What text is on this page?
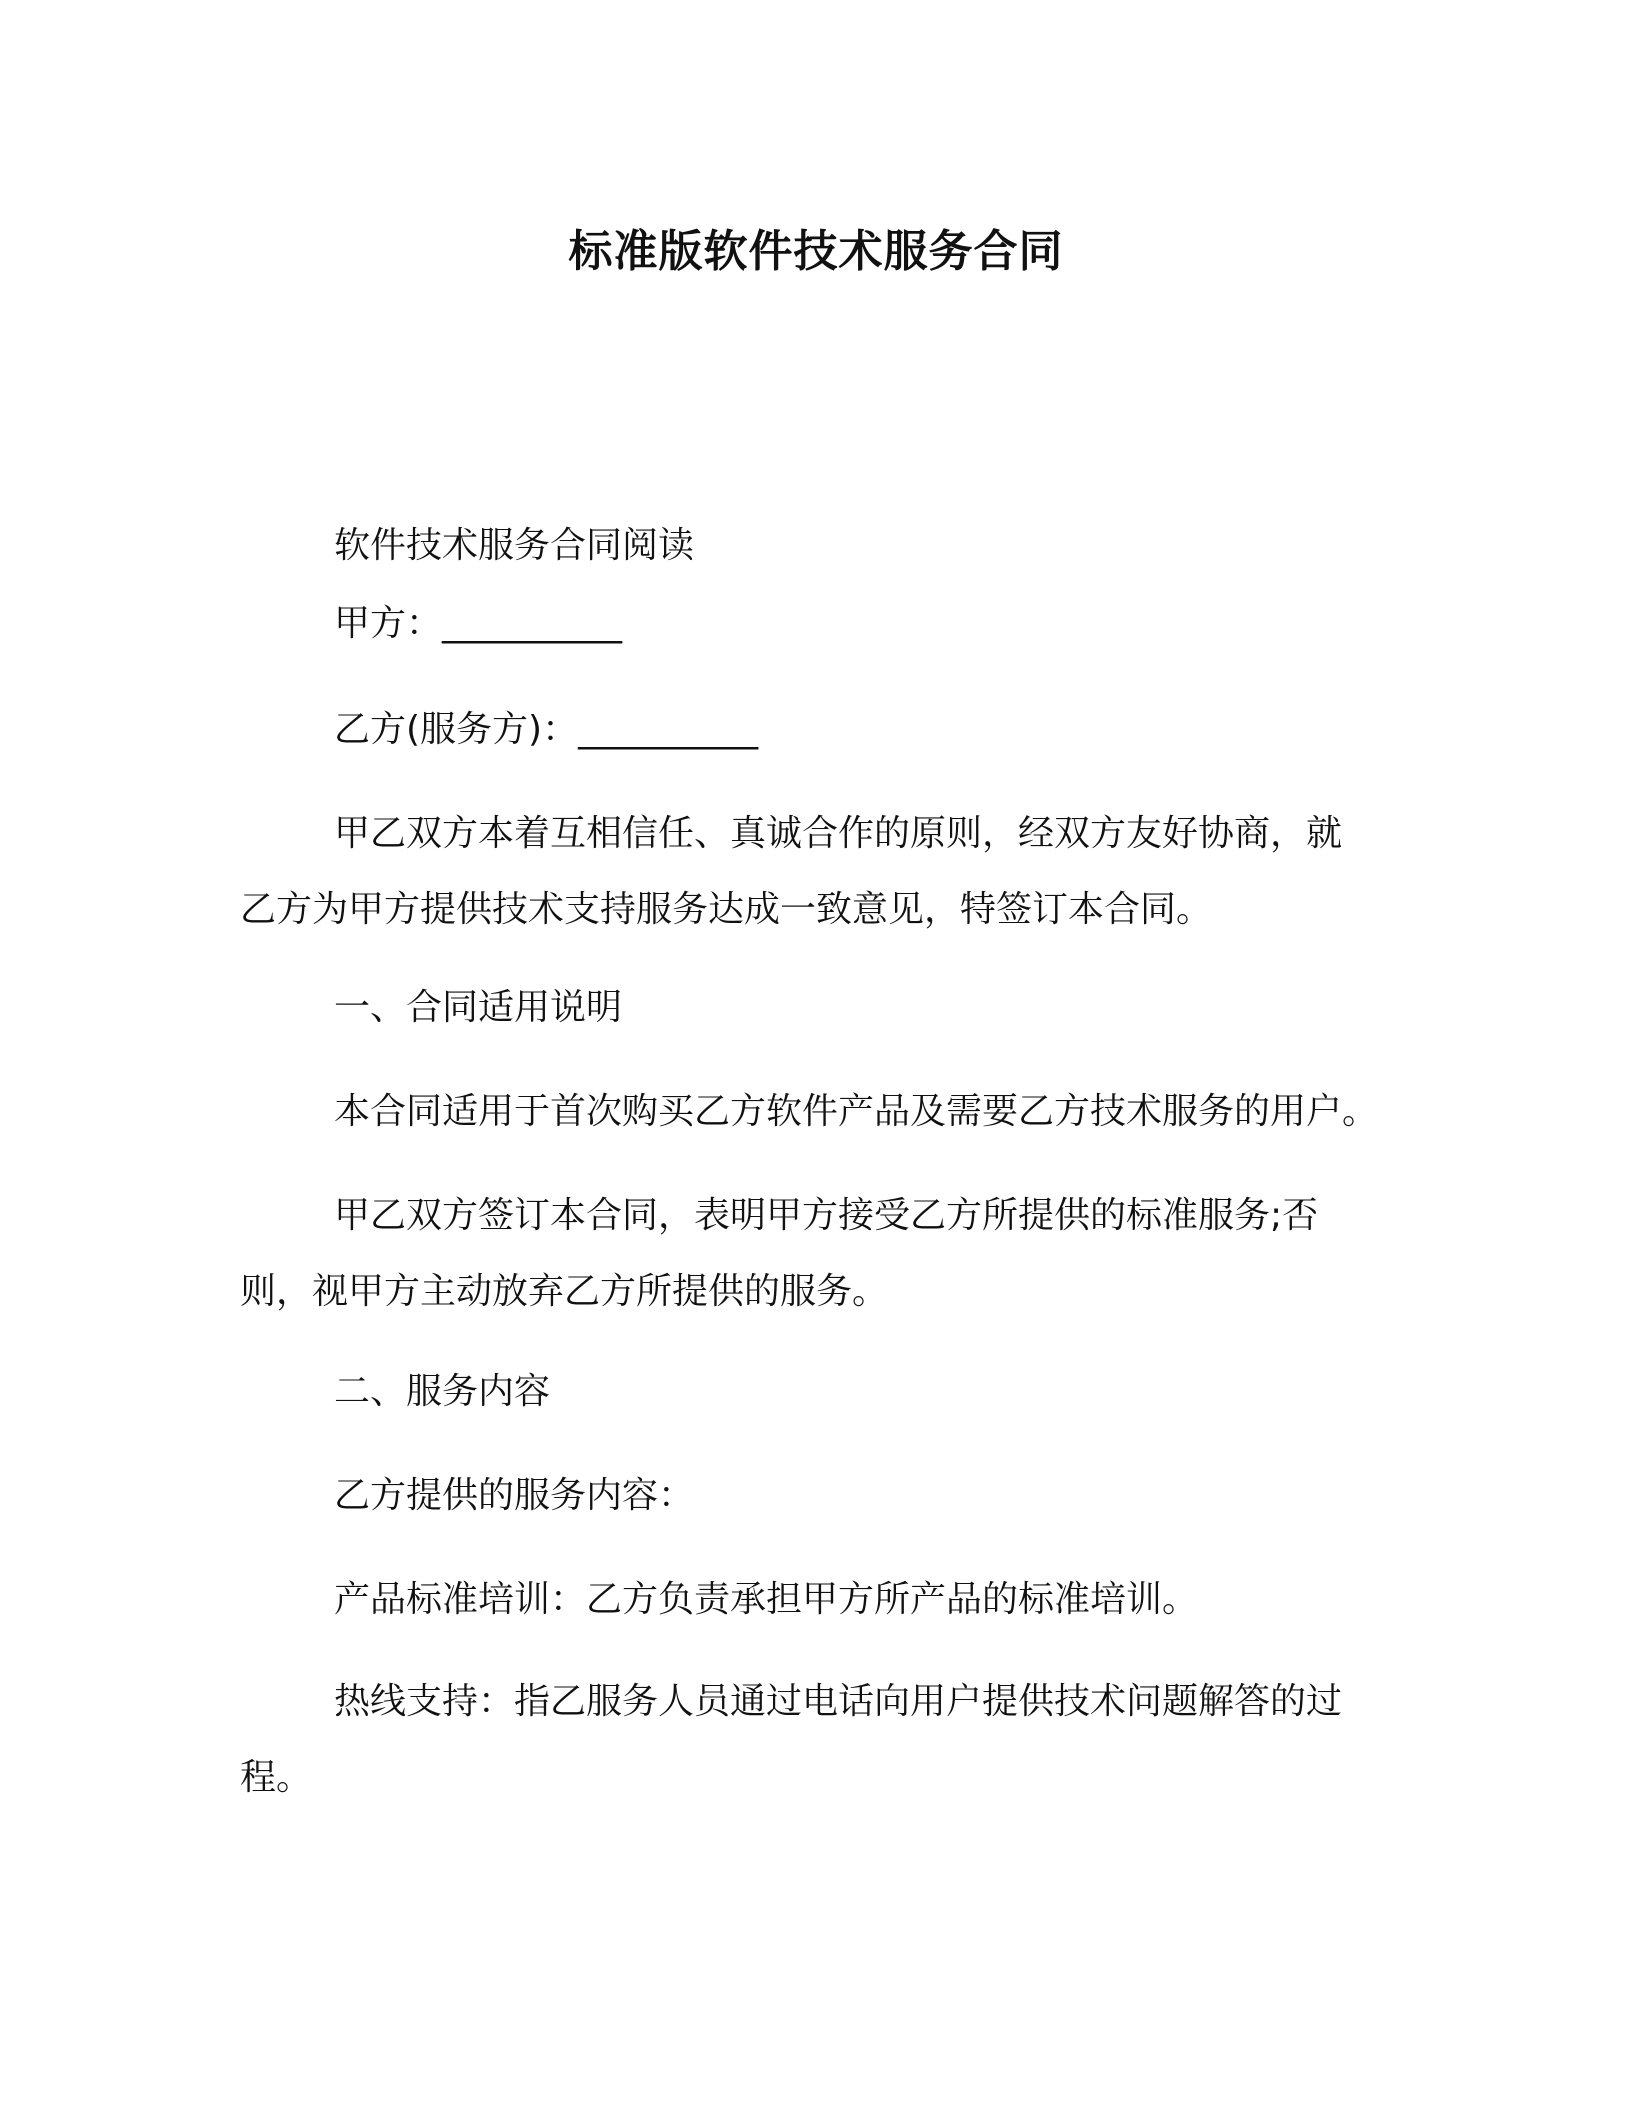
标准版软件技术服务合同
软件技术服务合同阅读
甲方：__________
乙方(服务方)：__________
甲乙双方本着互相信任、真诚合作的原则，经双方友好协商，就
乙方为甲方提供技术支持服务达成一致意见，特签订本合同。
一、合同适用说明
本合同适用于首次购买乙方软件产品及需要乙方技术服务的用户。
甲乙双方签订本合同，表明甲方接受乙方所提供的标准服务;否
则，视甲方主动放弃乙方所提供的服务。
二、服务内容
乙方提供的服务内容：
产品标准培训：乙方负责承担甲方所产品的标准培训。
热线支持：指乙服务人员通过电话向用户提供技术问题解答的过
程。
